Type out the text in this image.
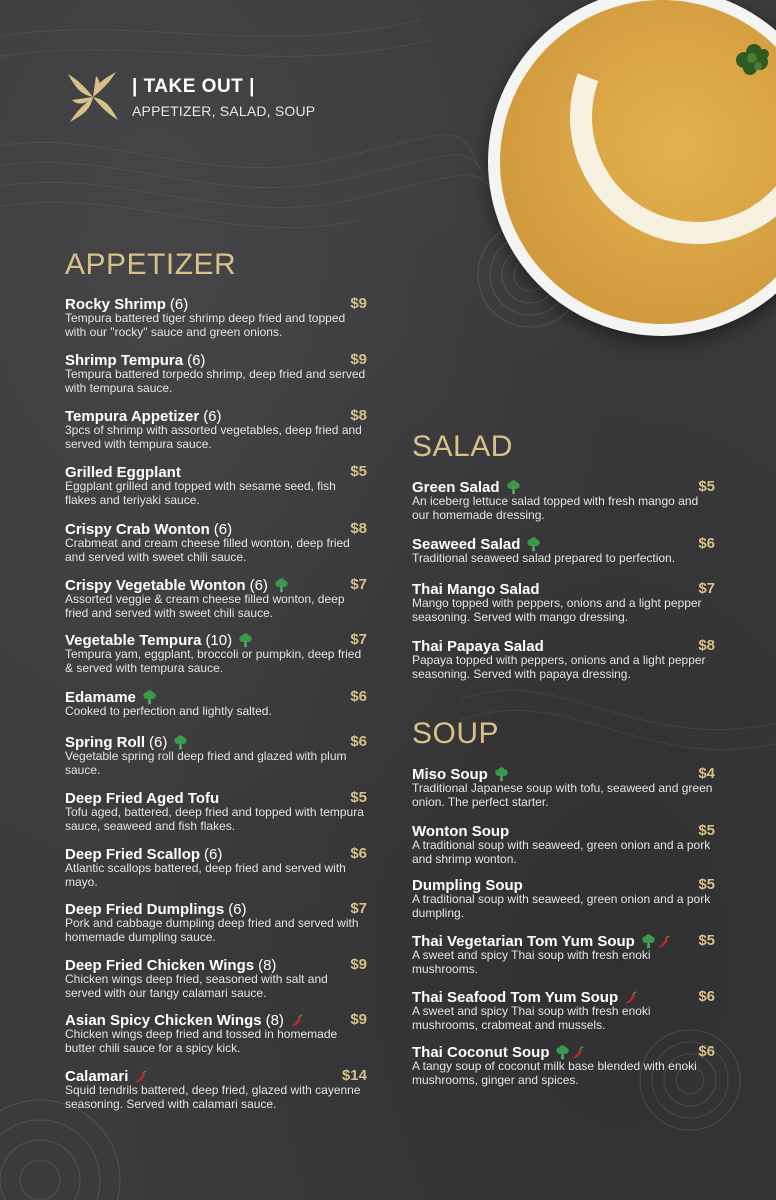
| TAKE OUT |
APPETIZER, SALAD, SOUP
APPETIZER
Rocky Shrimp (6)	$9
Tempura battered tiger shrimp deep fried and topped with our "rocky" sauce and green onions.
Shrimp Tempura (6)	$9
Tempura battered torpedo shrimp, deep fried and served with tempura sauce.
Tempura Appetizer (6)	$8
3pcs of shrimp with assorted vegetables, deep fried and served with tempura sauce.
Grilled Eggplant	$5
Eggplant grilled and topped with sesame seed, fish flakes and teriyaki sauce.
Crispy Crab Wonton (6)	$8
Crabmeat and cream cheese filled wonton, deep fried and served with sweet chili sauce.
Crispy Vegetable Wonton (6)	$7
Assorted veggie & cream cheese filled wonton, deep fried and served with sweet chili sauce.
Vegetable Tempura (10)	$7
Tempura yam, eggplant, broccoli or pumpkin, deep fried & served with tempura sauce.
Edamame	$6
Cooked to perfection and lightly salted.
Spring Roll (6)	$6
Vegetable spring roll deep fried and glazed with plum sauce.
Deep Fried Aged Tofu	$5
Tofu aged, battered, deep fried and topped with tempura sauce, seaweed and fish flakes.
Deep Fried Scallop (6)	$6
Atlantic scallops battered, deep fried and served with mayo.
Deep Fried Dumplings (6)	$7
Pork and cabbage dumpling deep fried and served with homemade dumpling sauce.
Deep Fried Chicken Wings (8)	$9
Chicken wings deep fried, seasoned with salt and served with our tangy calamari sauce.
Asian Spicy Chicken Wings (8)	$9
Chicken wings deep fried and tossed in homemade butter chili sauce for a spicy kick.
Calamari	$14
Squid tendrils battered, deep fried, glazed with cayenne seasoning. Served with calamari sauce.
SALAD
Green Salad	$5
An iceberg lettuce salad topped with fresh mango and our homemade dressing.
Seaweed Salad	$6
Traditional seaweed salad prepared to perfection.
Thai Mango Salad	$7
Mango topped with peppers, onions and a light pepper seasoning. Served with mango dressing.
Thai Papaya Salad	$8
Papaya topped with peppers, onions and a light pepper seasoning. Served with papaya dressing.
SOUP
Miso Soup	$4
Traditional Japanese soup with tofu, seaweed and green onion. The perfect starter.
Wonton Soup	$5
A traditional soup with seaweed, green onion and a pork and shrimp wonton.
Dumpling Soup	$5
A traditional soup with seaweed, green onion and a pork dumpling.
Thai Vegetarian Tom Yum Soup	$5
A sweet and spicy Thai soup with fresh enoki mushrooms.
Thai Seafood Tom Yum Soup	$6
A sweet and spicy Thai soup with fresh enoki mushrooms, crabmeat and mussels.
Thai Coconut Soup	$6
A tangy soup of coconut milk base blended with enoki mushrooms, ginger and spices.
